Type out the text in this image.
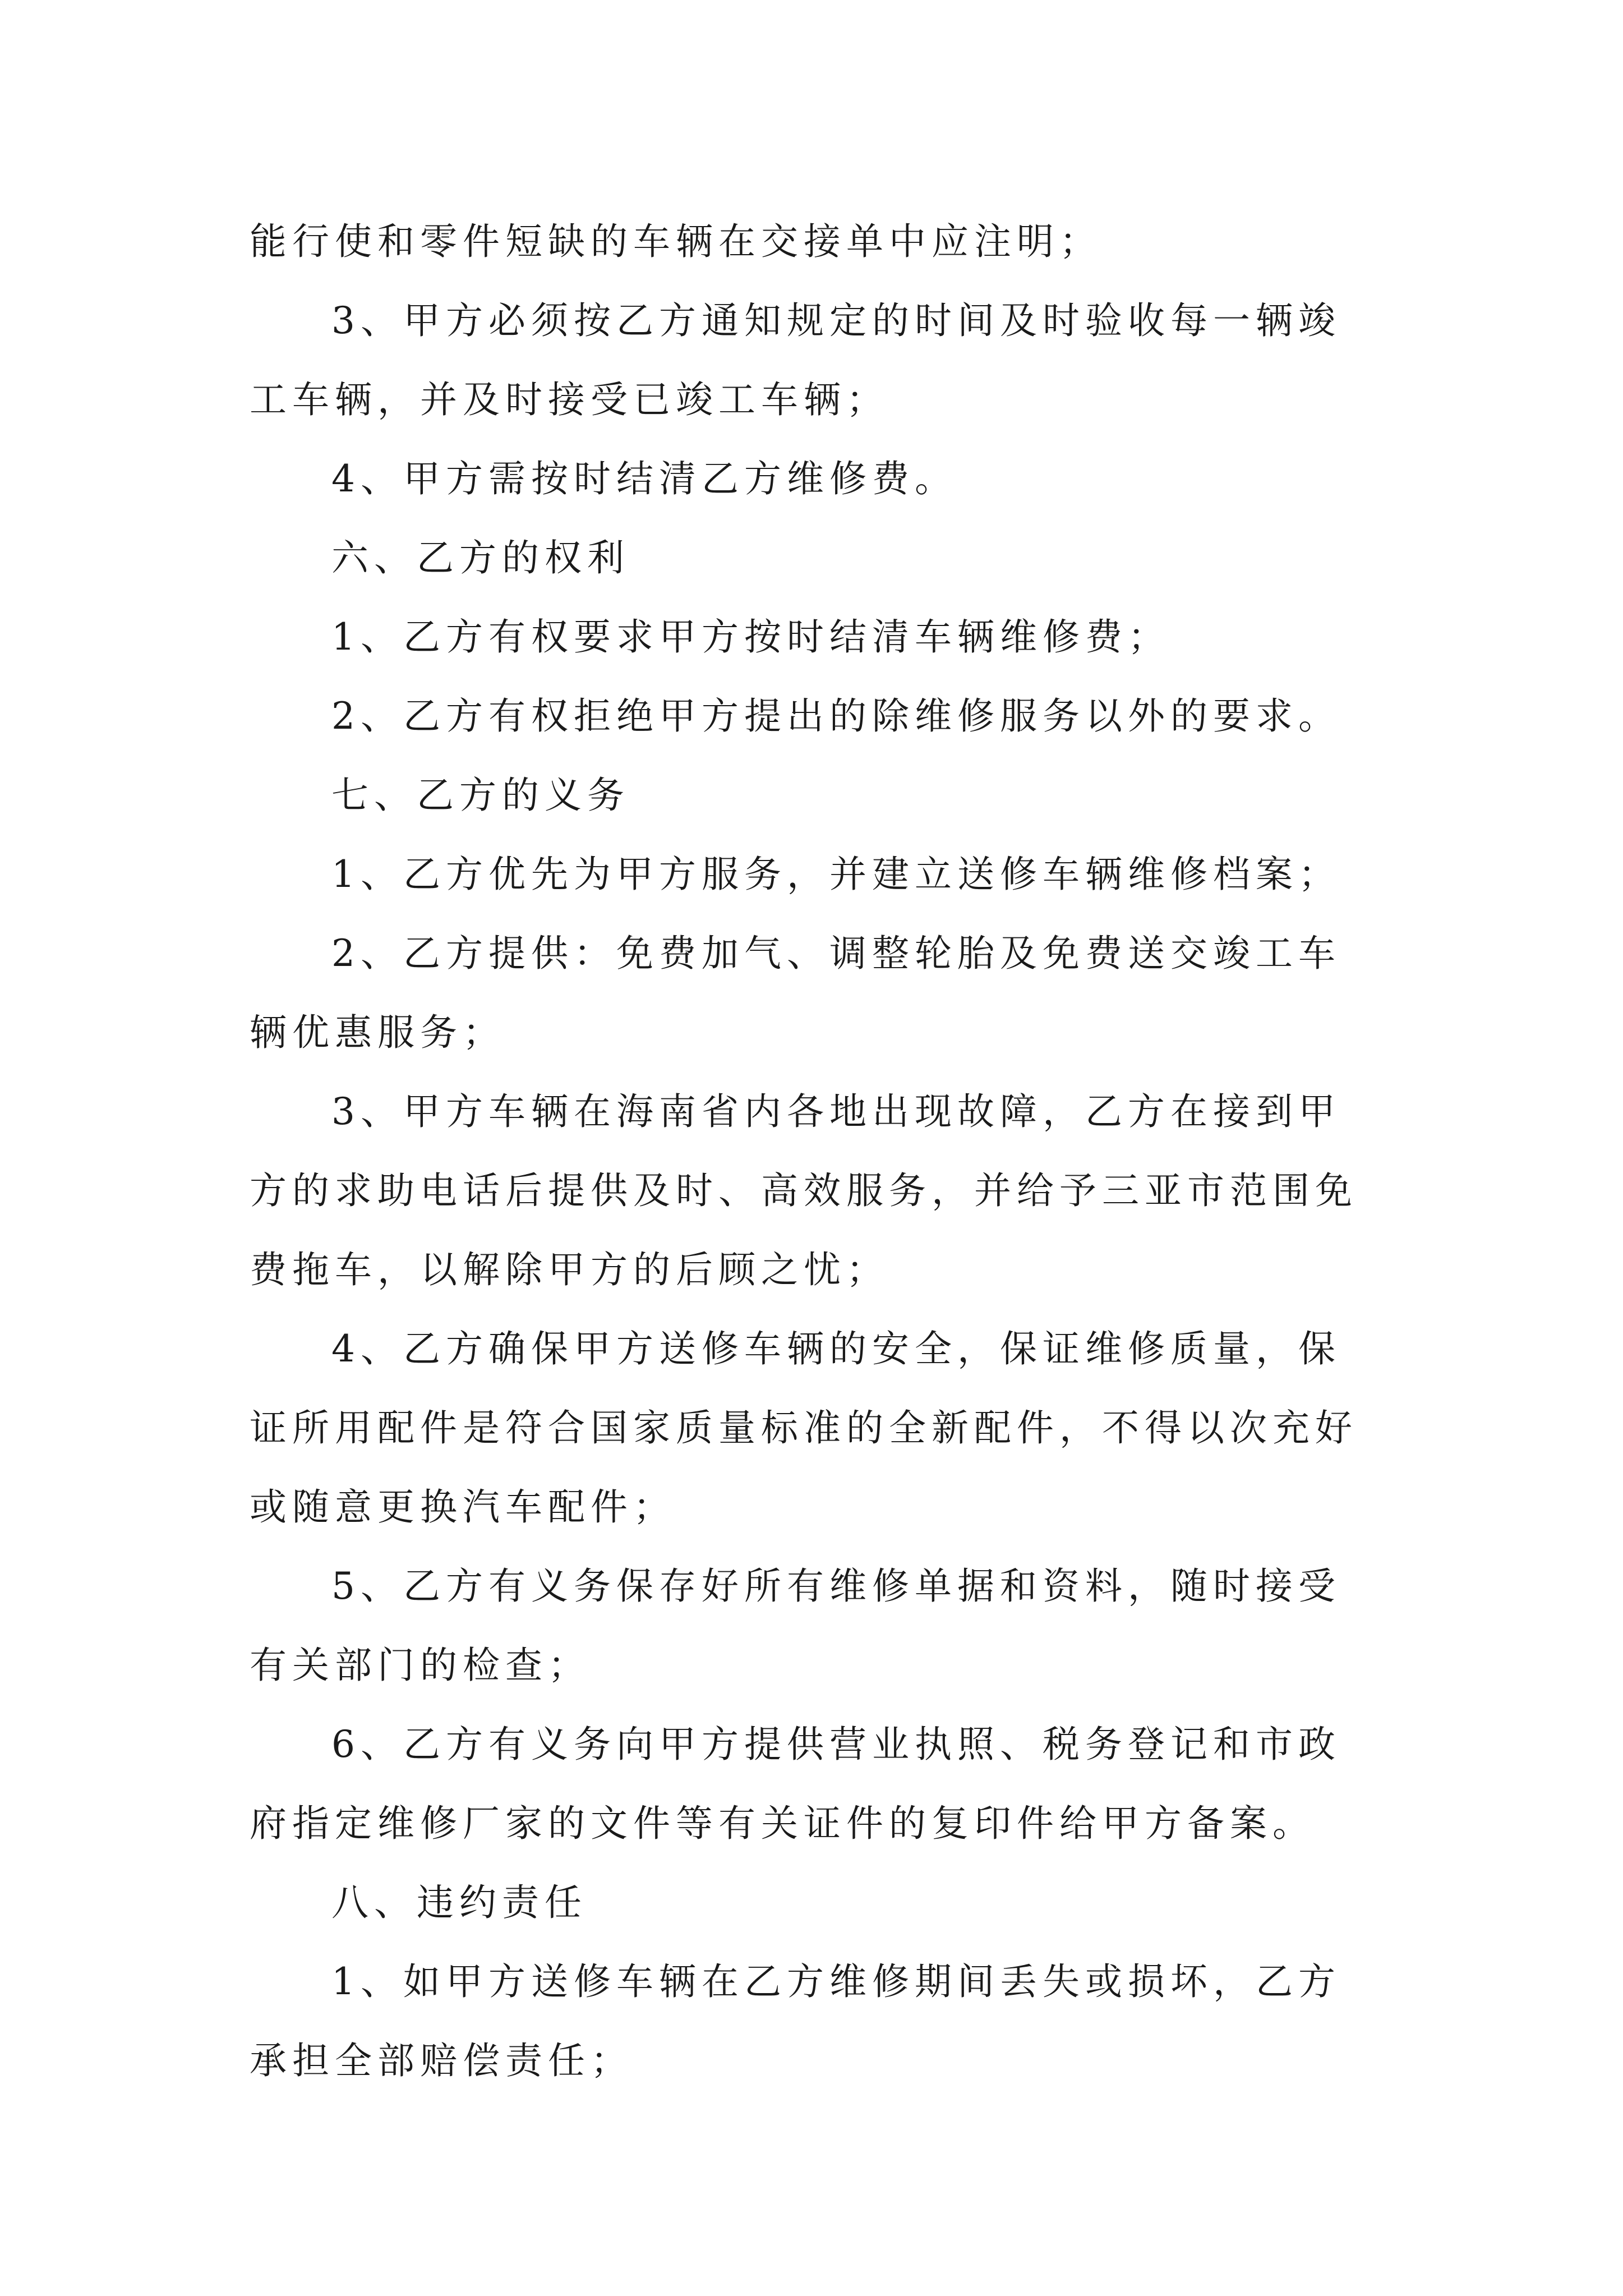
能行使和零件短缺的车辆在交接单中应注明；
3、甲方必须按乙方通知规定的时间及时验收每一辆竣
工车辆，并及时接受已竣工车辆；
4、甲方需按时结清乙方维修费。
六、乙方的权利
1、乙方有权要求甲方按时结清车辆维修费；
2、乙方有权拒绝甲方提出的除维修服务以外的要求。
七、乙方的义务
1、乙方优先为甲方服务，并建立送修车辆维修档案；
2、乙方提供：免费加气、调整轮胎及免费送交竣工车
辆优惠服务；
3、甲方车辆在海南省内各地出现故障，乙方在接到甲
方的求助电话后提供及时、高效服务，并给予三亚市范围免
费拖车，以解除甲方的后顾之忧；
4、乙方确保甲方送修车辆的安全，保证维修质量，保
证所用配件是符合国家质量标准的全新配件，不得以次充好
或随意更换汽车配件；
5、乙方有义务保存好所有维修单据和资料，随时接受
有关部门的检查；
6、乙方有义务向甲方提供营业执照、税务登记和市政
府指定维修厂家的文件等有关证件的复印件给甲方备案。
八、违约责任
1、如甲方送修车辆在乙方维修期间丢失或损坏，乙方
承担全部赔偿责任；
